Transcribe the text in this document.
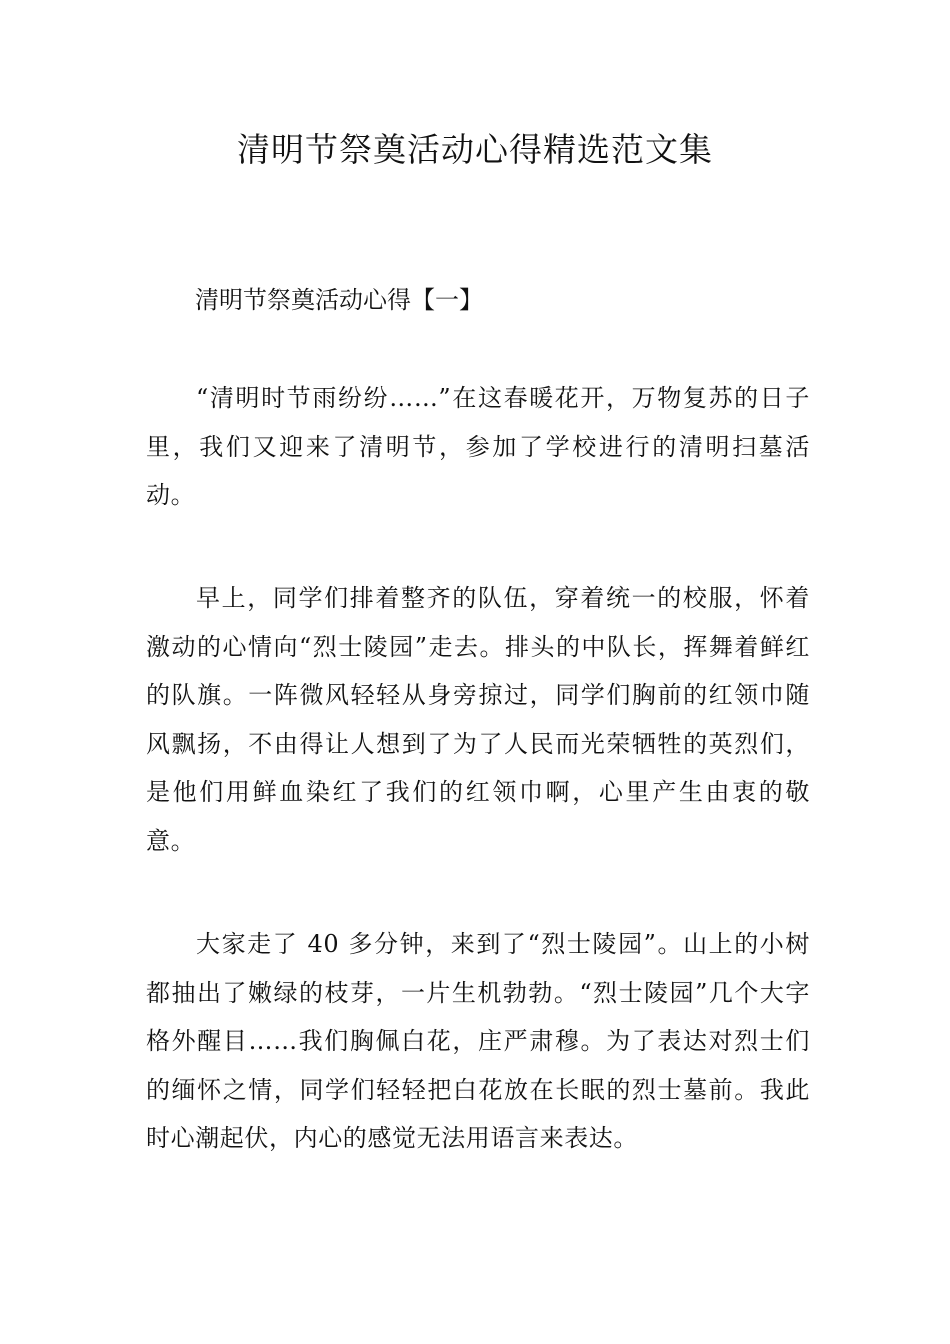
清明节祭奠活动心得精选范文集
清明节祭奠活动心得【一】

“清明时节雨纷纷……”在这春暖花开，万物复苏的日子里，我们又迎来了清明节，参加了学校进行的清明扫墓活动。

早上，同学们排着整齐的队伍，穿着统一的校服，怀着激动的心情向“烈士陵园”走去。排头的中队长，挥舞着鲜红的队旗。一阵微风轻轻从身旁掠过，同学们胸前的红领巾随风飘扬，不由得让人想到了为了人民而光荣牺牲的英烈们，是他们用鲜血染红了我们的红领巾啊，心里产生由衷的敬意。

大家走了 40 多分钟，来到了“烈士陵园”。山上的小树都抽出了嫩绿的枝芽，一片生机勃勃。“烈士陵园”几个大字格外醒目……我们胸佩白花，庄严肃穆。为了表达对烈士们的缅怀之情，同学们轻轻把白花放在长眠的烈士墓前。我此时心潮起伏，内心的感觉无法用语言来表达。
